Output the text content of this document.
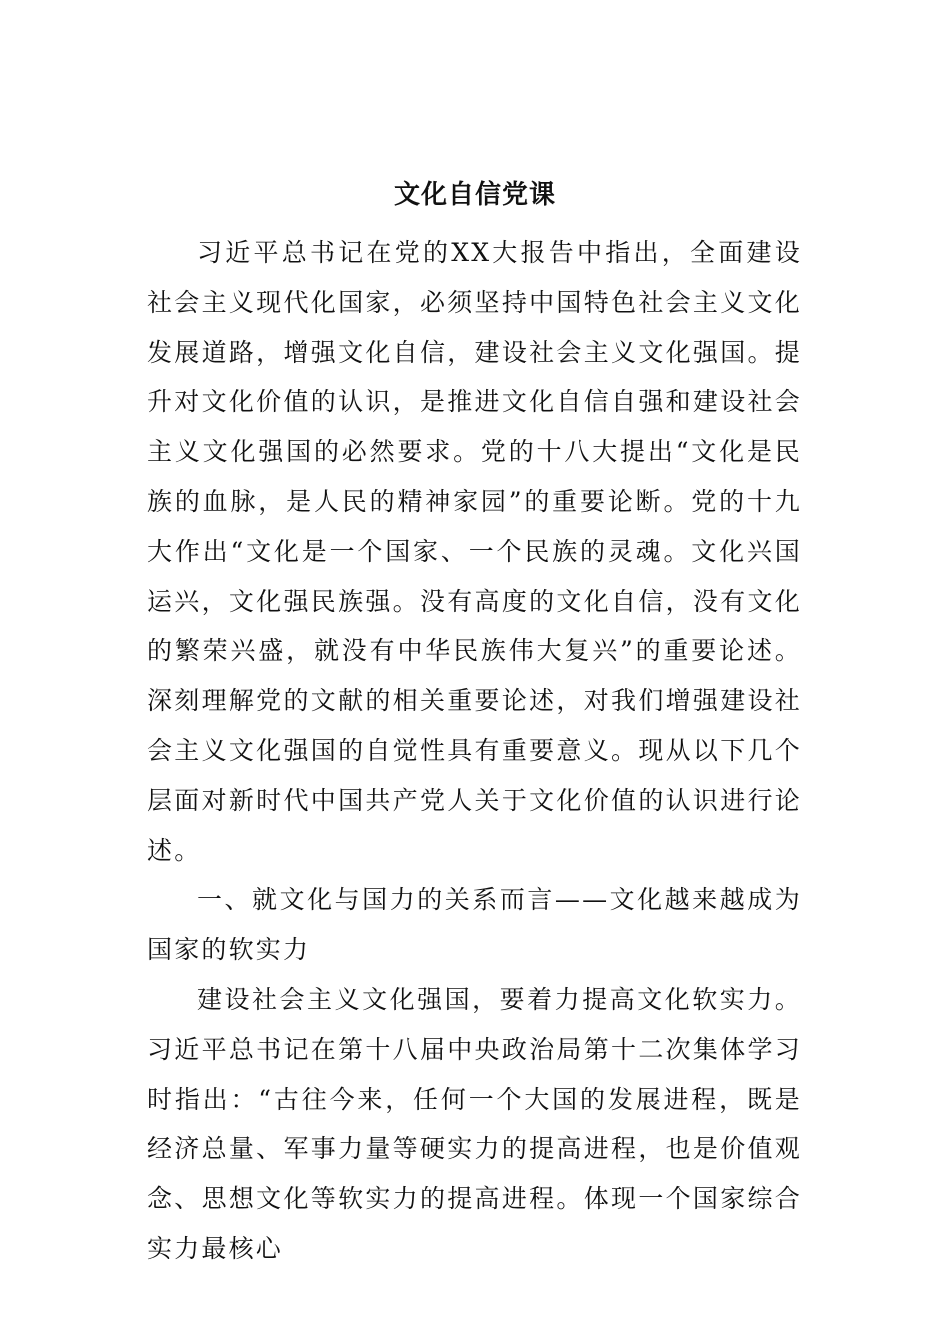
文化自信党课

习近平总书记在党的XX大报告中指出，全面建设社会主义现代化国家，必须坚持中国特色社会主义文化发展道路，增强文化自信，建设社会主义文化强国。提升对文化价值的认识，是推进文化自信自强和建设社会主义文化强国的必然要求。党的十八大提出“文化是民族的血脉，是人民的精神家园”的重要论断。党的十九大作出“文化是一个国家、一个民族的灵魂。文化兴国运兴，文化强民族强。没有高度的文化自信，没有文化的繁荣兴盛，就没有中华民族伟大复兴”的重要论述。深刻理解党的文献的相关重要论述，对我们增强建设社会主义文化强国的自觉性具有重要意义。现从以下几个层面对新时代中国共产党人关于文化价值的认识进行论述。

一、就文化与国力的关系而言——文化越来越成为国家的软实力

建设社会主义文化强国，要着力提高文化软实力。习近平总书记在第十八届中央政治局第十二次集体学习时指出：“古往今来，任何一个大国的发展进程，既是经济总量、军事力量等硬实力的提高进程，也是价值观念、思想文化等软实力的提高进程。体现一个国家综合实力最核心
